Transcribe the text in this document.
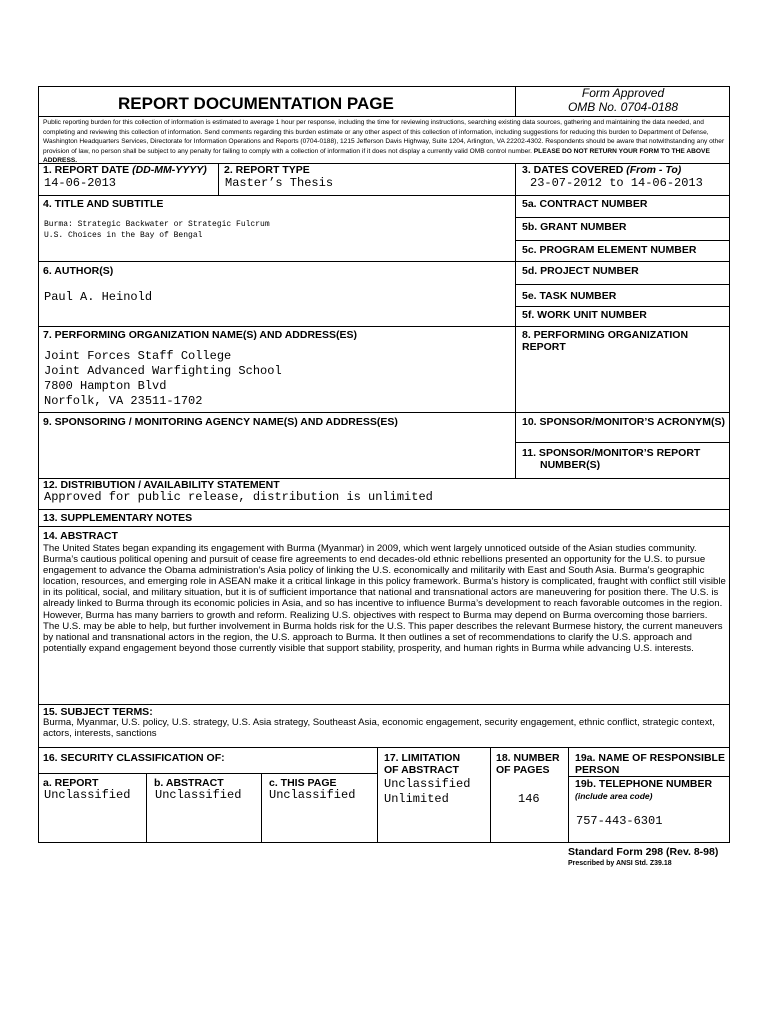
REPORT DOCUMENTATION PAGE
Form Approved
OMB No. 0704-0188
Public reporting burden for this collection of information is estimated to average 1 hour per response, including the time for reviewing instructions, searching existing data sources, gathering and maintaining the data needed, and completing and reviewing this collection of information. Send comments regarding this burden estimate or any other aspect of this collection of information, including suggestions for reducing this burden to Department of Defense, Washington Headquarters Services, Directorate for Information Operations and Reports (0704-0188), 1215 Jefferson Davis Highway, Suite 1204, Arlington, VA 22202-4302. Respondents should be aware that notwithstanding any other provision of law, no person shall be subject to any penalty for failing to comply with a collection of information if it does not display a currently valid OMB control number. PLEASE DO NOT RETURN YOUR FORM TO THE ABOVE ADDRESS.
1. REPORT DATE (DD-MM-YYYY)
14-06-2013
2. REPORT TYPE
Master’s Thesis
3. DATES COVERED (From - To)
23-07-2012 to 14-06-2013
4. TITLE AND SUBTITLE
Burma: Strategic Backwater or Strategic Fulcrum
U.S. Choices in the Bay of Bengal
5a. CONTRACT NUMBER
5b. GRANT NUMBER
5c. PROGRAM ELEMENT NUMBER
6. AUTHOR(S)
Paul A. Heinold
5d. PROJECT NUMBER
5e. TASK NUMBER
5f. WORK UNIT NUMBER
7. PERFORMING ORGANIZATION NAME(S) AND ADDRESS(ES)
Joint Forces Staff College
Joint Advanced Warfighting School
7800 Hampton Blvd
Norfolk, VA 23511-1702
8. PERFORMING ORGANIZATION
REPORT
9. SPONSORING / MONITORING AGENCY NAME(S) AND ADDRESS(ES)	10. SPONSOR/MONITOR’S ACRONYM(S)
11. SPONSOR/MONITOR’S REPORT
NUMBER(S)
12. DISTRIBUTION / AVAILABILITY STATEMENT
Approved for public release, distribution is unlimited
13. SUPPLEMENTARY NOTES
14. ABSTRACT
The United States began expanding its engagement with Burma (Myanmar) in 2009, which went largely unnoticed outside of the Asian studies community. Burma’s cautious political opening and pursuit of cease fire agreements to end decades-old ethnic rebellions presented an opportunity for the U.S. to pursue engagement to advance the Obama administration’s Asia policy of linking the U.S. economically and militarily with East and South Asia. Burma’s geographic location, resources, and emerging role in ASEAN make it a critical linkage in this policy framework. Burma’s history is complicated, fraught with conflict still visible in its political, social, and military situation, but it is of sufficient importance that national and transnational actors are maneuvering for position there. The U.S. is already linked to Burma through its economic policies in Asia, and so has incentive to influence Burma’s development to reach favorable outcomes in the region. However, Burma has many barriers to growth and reform. Realizing U.S. objectives with respect to Burma may depend on Burma overcoming those barriers. The U.S. may be able to help, but further involvement in Burma holds risk for the U.S. This paper describes the relevant Burmese history, the current maneuvers by national and transnational actors in the region, the U.S. approach to Burma. It then outlines a set of recommendations to clarify the U.S. approach and potentially expand engagement beyond those currently visible that support stability, prosperity, and human rights in Burma while advancing U.S. interests.
15. SUBJECT TERMS:
Burma, Myanmar, U.S. policy, U.S. strategy, U.S. Asia strategy, Southeast Asia, economic engagement, security engagement, ethnic conflict, strategic context, actors, interests, sanctions
16. SECURITY CLASSIFICATION OF:
a. REPORT
Unclassified
b. ABSTRACT
Unclassified
c. THIS PAGE
Unclassified
17. LIMITATION
OF ABSTRACT
Unclassified
Unlimited
18. NUMBER
OF PAGES
146
19a. NAME OF RESPONSIBLE
PERSON
19b. TELEPHONE NUMBER
(include area code)
757-443-6301
Standard Form 298 (Rev. 8-98)
Prescribed by ANSI Std. Z39.18
